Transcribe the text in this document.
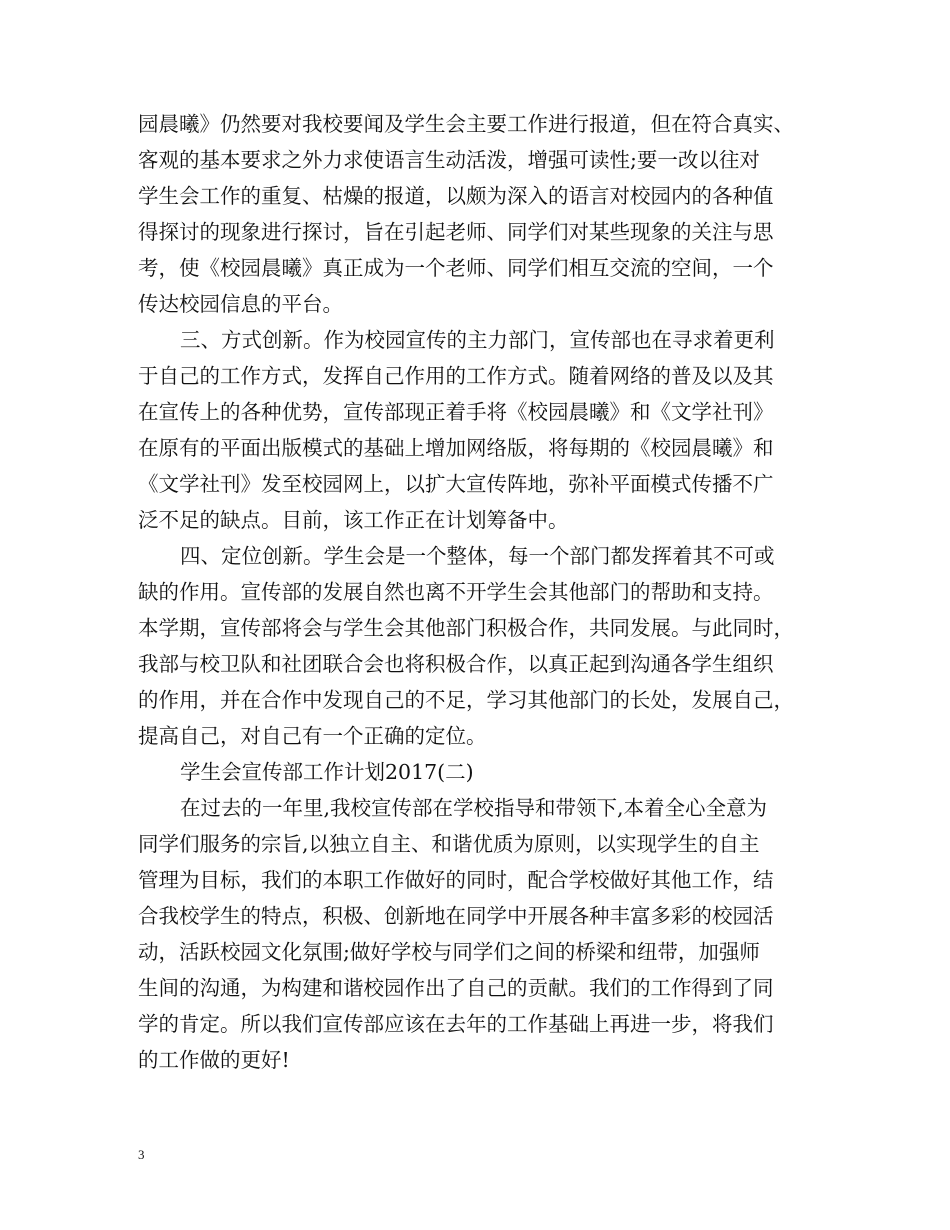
园晨曦》仍然要对我校要闻及学生会主要工作进行报道，但在符合真实、
客观的基本要求之外力求使语言生动活泼，增强可读性;要一改以往对
学生会工作的重复、枯燥的报道，以颇为深入的语言对校园内的各种值
得探讨的现象进行探讨，旨在引起老师、同学们对某些现象的关注与思
考，使《校园晨曦》真正成为一个老师、同学们相互交流的空间，一个
传达校园信息的平台。
三、方式创新。作为校园宣传的主力部门，宣传部也在寻求着更利
于自己的工作方式，发挥自己作用的工作方式。随着网络的普及以及其
在宣传上的各种优势，宣传部现正着手将《校园晨曦》和《文学社刊》
在原有的平面出版模式的基础上增加网络版，将每期的《校园晨曦》和
《文学社刊》发至校园网上，以扩大宣传阵地，弥补平面模式传播不广
泛不足的缺点。目前，该工作正在计划筹备中。
四、定位创新。学生会是一个整体，每一个部门都发挥着其不可或
缺的作用。宣传部的发展自然也离不开学生会其他部门的帮助和支持。
本学期，宣传部将会与学生会其他部门积极合作，共同发展。与此同时，
我部与校卫队和社团联合会也将积极合作，以真正起到沟通各学生组织
的作用，并在合作中发现自己的不足，学习其他部门的长处，发展自己，
提高自己，对自己有一个正确的定位。
学生会宣传部工作计划2017(二)
在过去的一年里,我校宣传部在学校指导和带领下,本着全心全意为
同学们服务的宗旨,以独立自主、和谐优质为原则，以实现学生的自主
管理为目标，我们的本职工作做好的同时，配合学校做好其他工作，结
合我校学生的特点，积极、创新地在同学中开展各种丰富多彩的校园活
动，活跃校园文化氛围;做好学校与同学们之间的桥梁和纽带，加强师
生间的沟通，为构建和谐校园作出了自己的贡献。我们的工作得到了同
学的肯定。所以我们宣传部应该在去年的工作基础上再进一步，将我们
的工作做的更好!
3
